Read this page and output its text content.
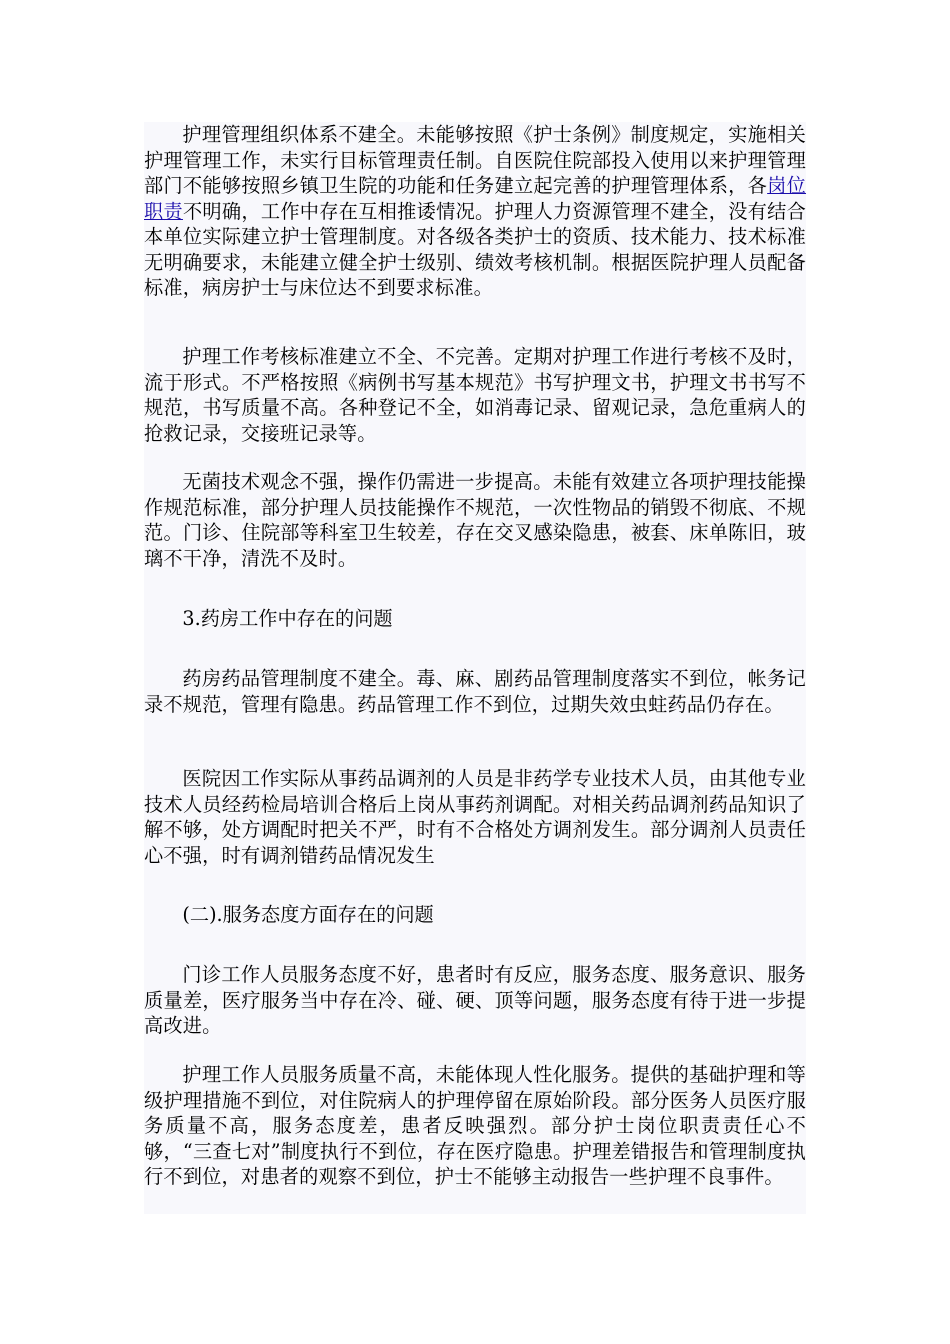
护理管理组织体系不建全。未能够按照《护士条例》制度规定，实施相关护理管理工作，未实行目标管理责任制。自医院住院部投入使用以来护理管理部门不能够按照乡镇卫生院的功能和任务建立起完善的护理管理体系，各岗位职责不明确，工作中存在互相推诿情况。护理人力资源管理不建全，没有结合本单位实际建立护士管理制度。对各级各类护士的资质、技术能力、技术标准无明确要求，未能建立健全护士级别、绩效考核机制。根据医院护理人员配备标准，病房护士与床位达不到要求标准。

护理工作考核标准建立不全、不完善。定期对护理工作进行考核不及时，流于形式。不严格按照《病例书写基本规范》书写护理文书，护理文书书写不规范，书写质量不高。各种登记不全，如消毒记录、留观记录，急危重病人的抢救记录，交接班记录等。

无菌技术观念不强，操作仍需进一步提高。未能有效建立各项护理技能操作规范标准，部分护理人员技能操作不规范，一次性物品的销毁不彻底、不规范。门诊、住院部等科室卫生较差，存在交叉感染隐患，被套、床单陈旧，玻璃不干净，清洗不及时。

3.药房工作中存在的问题

药房药品管理制度不建全。毒、麻、剧药品管理制度落实不到位，帐务记录不规范，管理有隐患。药品管理工作不到位，过期失效虫蛀药品仍存在。

医院因工作实际从事药品调剂的人员是非药学专业技术人员，由其他专业技术人员经药检局培训合格后上岗从事药剂调配。对相关药品调剂药品知识了解不够，处方调配时把关不严，时有不合格处方调剂发生。部分调剂人员责任心不强，时有调剂错药品情况发生

(二).服务态度方面存在的问题

门诊工作人员服务态度不好，患者时有反应，服务态度、服务意识、服务质量差，医疗服务当中存在冷、碰、硬、顶等问题，服务态度有待于进一步提高改进。

护理工作人员服务质量不高，未能体现人性化服务。提供的基础护理和等级护理措施不到位，对住院病人的护理停留在原始阶段。部分医务人员医疗服务质量不高，服务态度差，患者反映强烈。部分护士岗位职责责任心不够，“三查七对”制度执行不到位，存在医疗隐患。护理差错报告和管理制度执行不到位，对患者的观察不到位，护士不能够主动报告一些护理不良事件。
